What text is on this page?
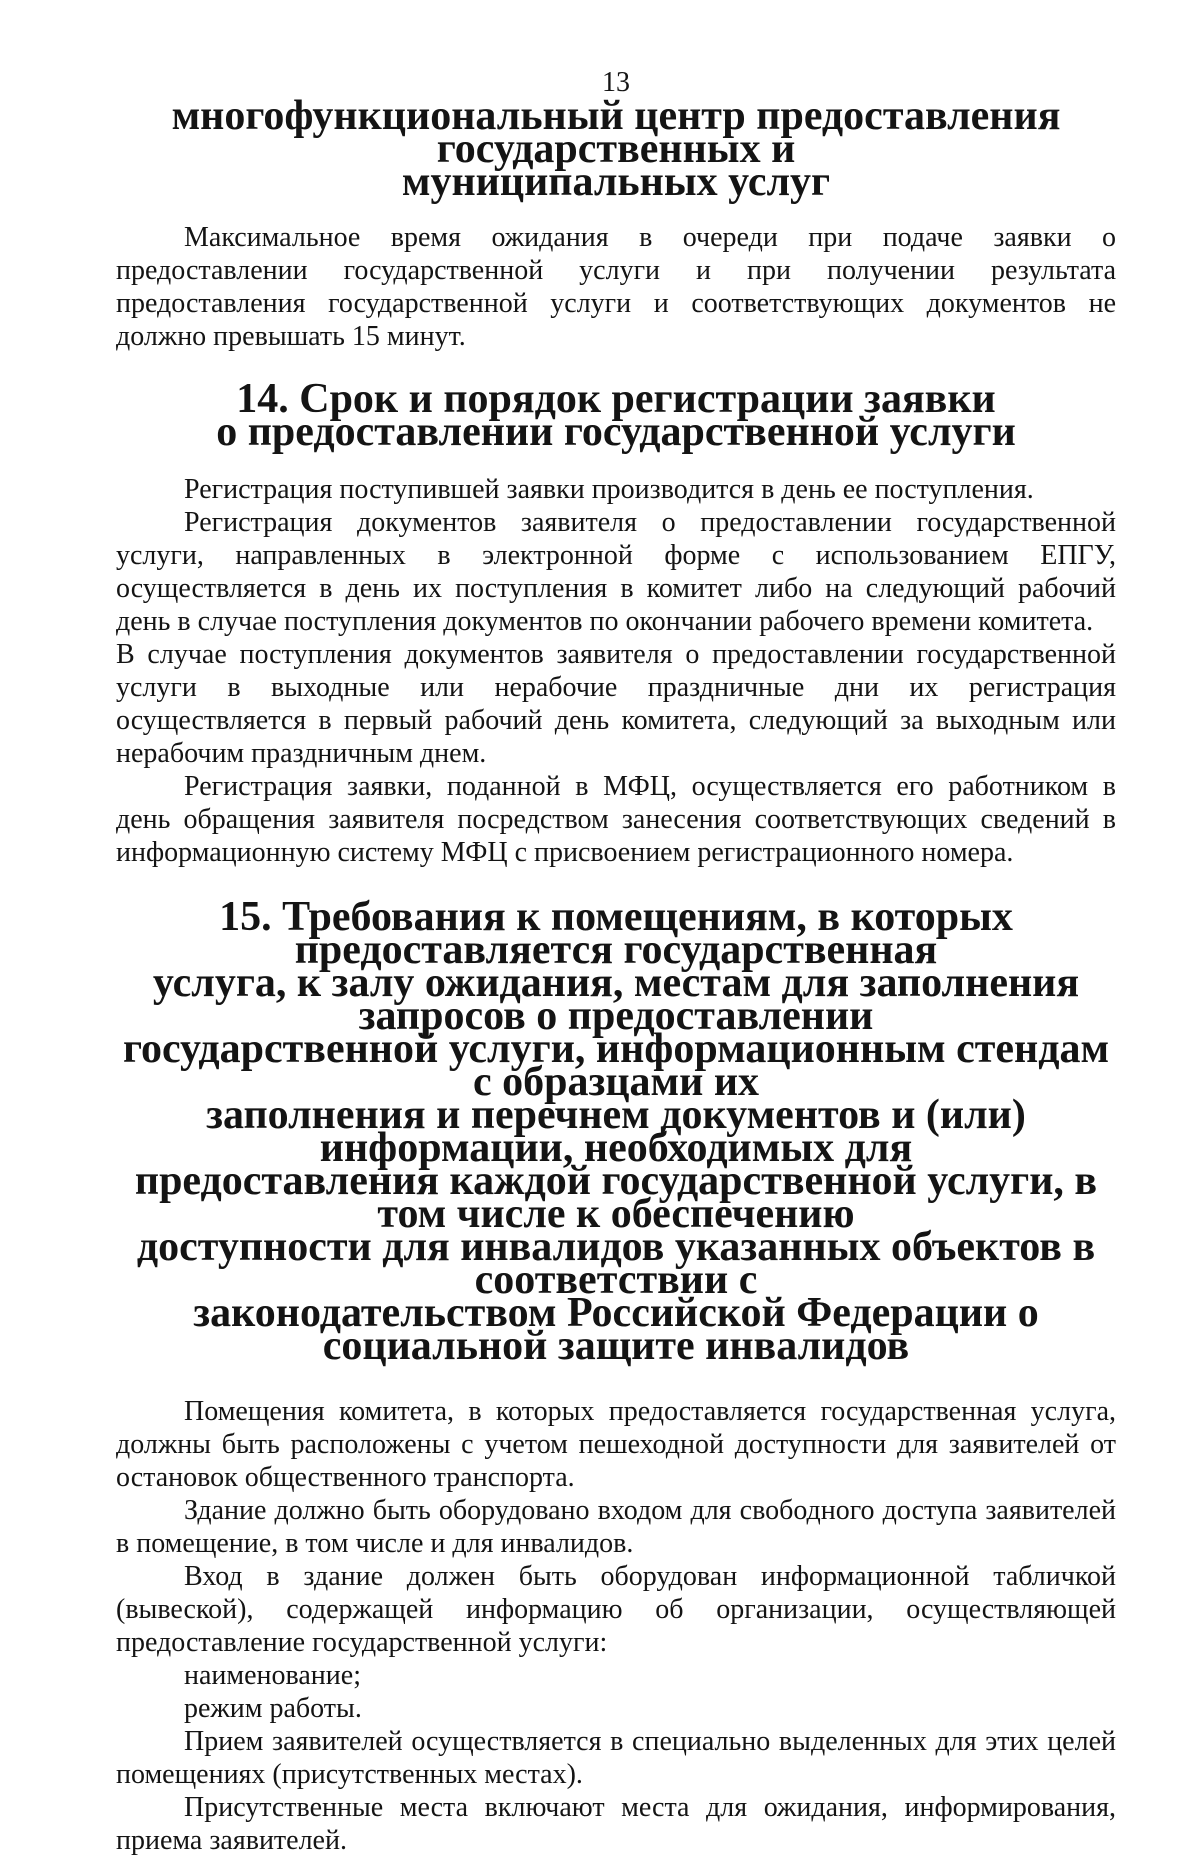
13

многофункциональный центр предоставления государственных и
муниципальных услуг

Максимальное время ожидания в очереди при подаче заявки о предоставлении государственной услуги и при получении результата предоставления государственной услуги и соответствующих документов не должно превышать 15 минут.

14. Срок и порядок регистрации заявки
о предоставлении государственной услуги

Регистрация поступившей заявки производится в день ее поступления.

Регистрация документов заявителя о предоставлении государственной услуги, направленных в электронной форме с использованием ЕПГУ, осуществляется в день их поступления в комитет либо на следующий рабочий день в случае поступления документов по окончании рабочего времени комитета.

В случае поступления документов заявителя о предоставлении государственной услуги в выходные или нерабочие праздничные дни их регистрация осуществляется в первый рабочий день комитета, следующий за выходным или нерабочим праздничным днем.

Регистрация заявки, поданной в МФЦ, осуществляется его работником в день обращения заявителя посредством занесения соответствующих сведений в информационную систему МФЦ с присвоением регистрационного номера.

15. Требования к помещениям, в которых предоставляется государственная
услуга, к залу ожидания, местам для заполнения запросов о предоставлении
государственной услуги, информационным стендам с образцами их
заполнения и перечнем документов и (или) информации, необходимых для
предоставления каждой государственной услуги, в том числе к обеспечению
доступности для инвалидов указанных объектов в соответствии с
законодательством Российской Федерации о социальной защите инвалидов

Помещения комитета, в которых предоставляется государственная услуга, должны быть расположены с учетом пешеходной доступности для заявителей от остановок общественного транспорта.

Здание должно быть оборудовано входом для свободного доступа заявителей в помещение, в том числе и для инвалидов.

Вход в здание должен быть оборудован информационной табличкой (вывеской), содержащей информацию об организации, осуществляющей предоставление государственной услуги:

наименование;

режим работы.

Прием заявителей осуществляется в специально выделенных для этих целей помещениях (присутственных местах).

Присутственные места включают места для ожидания, информирования, приема заявителей.
